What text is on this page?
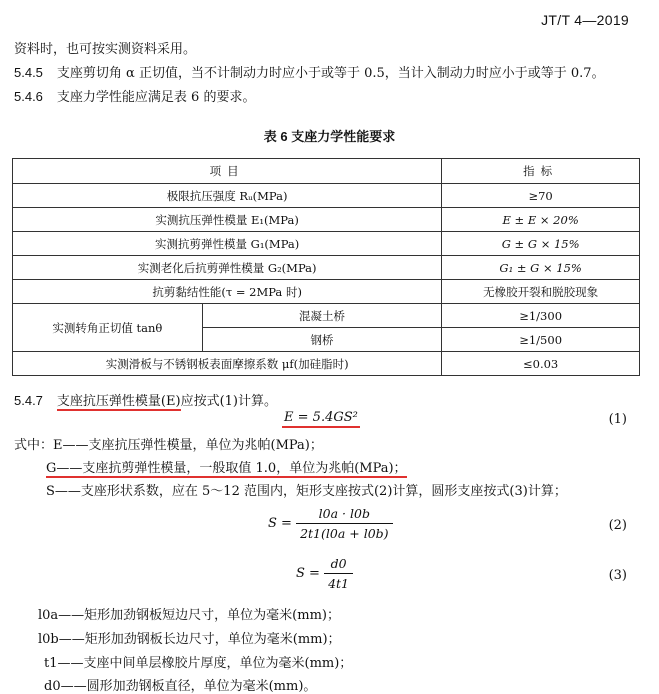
JT/T 4—2019
资料时，也可按实测资料采用。
5.4.5 支座剪切角 α 正切值，当不计制动力时应小于或等于 0.5，当计入制动力时应小于或等于 0.7。
5.4.6 支座力学性能应满足表 6 的要求。
表 6 支座力学性能要求
项目		指标
极限抗压强度 Rᵤ(MPa)		≥70
实测抗压弹性模量 E₁(MPa)		E ± E × 20%
实测抗剪弹性模量 G₁(MPa)		G ± G × 15%
实测老化后抗剪弹性模量 G₂(MPa)		G₁ ± G × 15%
抗剪黏结性能(τ = 2MPa 时)		无橡胶开裂和脱胶现象
实测转角正切值 tanθ	混凝土桥	≥1/300
	钢桥	≥1/500
实测滑板与不锈钢板表面摩擦系数 μf(加硅脂时)		≤0.03
5.4.7 支座抗压弹性模量(E)应按式(1)计算。
E = 5.4GS²	(1)
式中：E——支座抗压弹性模量，单位为兆帕(MPa)；
G——支座抗剪弹性模量，一般取值 1.0，单位为兆帕(MPa)；
S——支座形状系数，应在 5～12 范围内，矩形支座按式(2)计算，圆形支座按式(3)计算；
$S = \frac{l0a \cdot l0b}{2t1(l0a + l0b)}$	(2)
$S = \frac{d0}{4t1}$	(3)
l0a——矩形加劲钢板短边尺寸，单位为毫米(mm)；
l0b——矩形加劲钢板长边尺寸，单位为毫米(mm)；
t1——支座中间单层橡胶片厚度，单位为毫米(mm)；
d0——圆形加劲钢板直径，单位为毫米(mm)。
